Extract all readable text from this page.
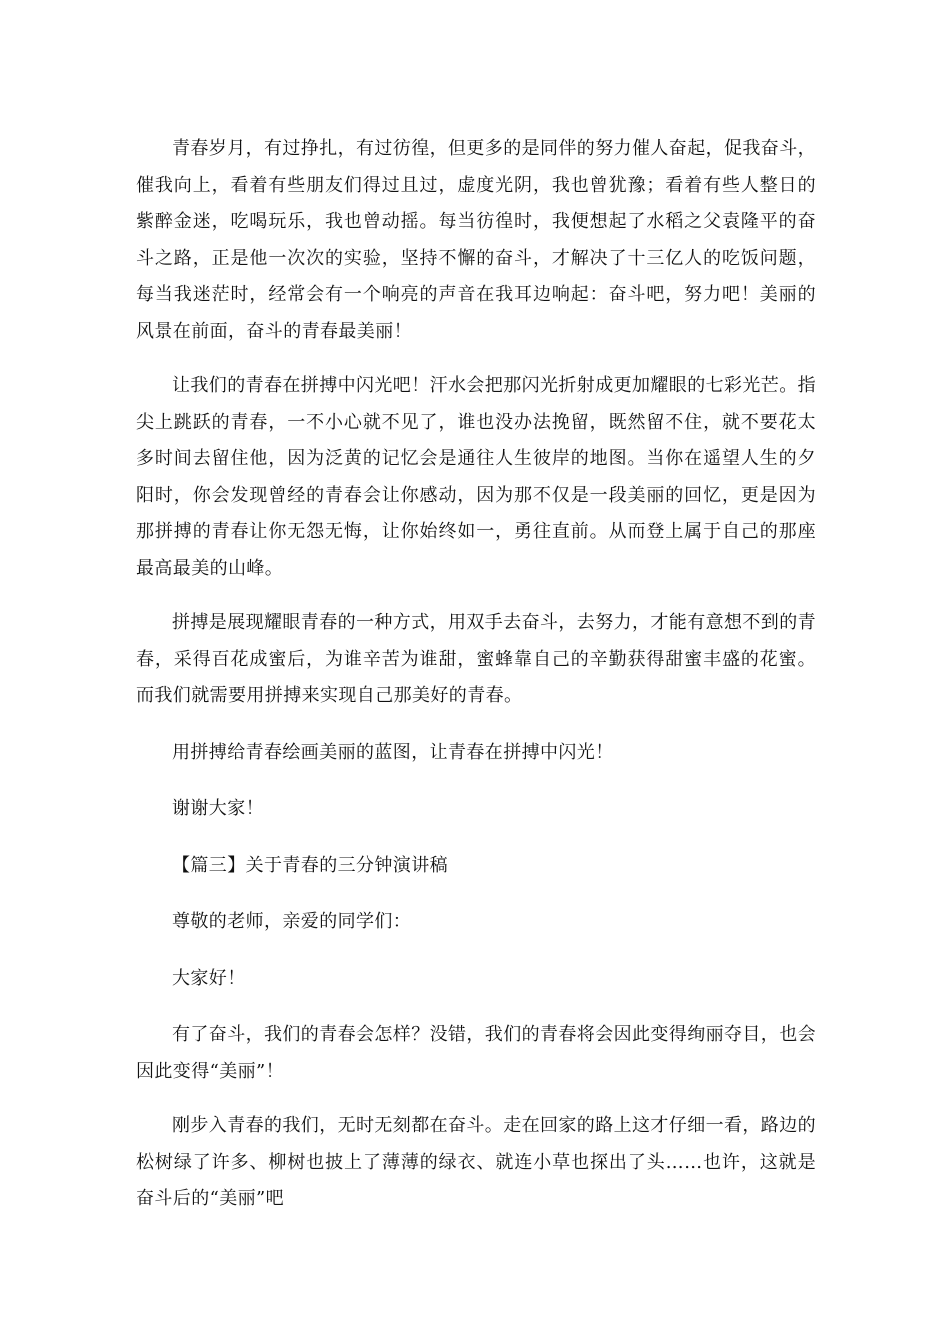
青春岁月，有过挣扎，有过彷徨，但更多的是同伴的努力催人奋起，促我奋斗，催我向上，看着有些朋友们得过且过，虚度光阴，我也曾犹豫；看着有些人整日的紫醉金迷，吃喝玩乐，我也曾动摇。每当彷徨时，我便想起了水稻之父袁隆平的奋斗之路，正是他一次次的实验，坚持不懈的奋斗，才解决了十三亿人的吃饭问题，每当我迷茫时，经常会有一个响亮的声音在我耳边响起：奋斗吧，努力吧！美丽的风景在前面，奋斗的青春最美丽！

让我们的青春在拼搏中闪光吧！汗水会把那闪光折射成更加耀眼的七彩光芒。指尖上跳跃的青春，一不小心就不见了，谁也没办法挽留，既然留不住，就不要花太多时间去留住他，因为泛黄的记忆会是通往人生彼岸的地图。当你在遥望人生的夕阳时，你会发现曾经的青春会让你感动，因为那不仅是一段美丽的回忆，更是因为那拼搏的青春让你无怨无悔，让你始终如一，勇往直前。从而登上属于自己的那座最高最美的山峰。

拼搏是展现耀眼青春的一种方式，用双手去奋斗，去努力，才能有意想不到的青春，采得百花成蜜后，为谁辛苦为谁甜，蜜蜂靠自己的辛勤获得甜蜜丰盛的花蜜。而我们就需要用拼搏来实现自己那美好的青春。

用拼搏给青春绘画美丽的蓝图，让青春在拼搏中闪光！

谢谢大家！

【篇三】关于青春的三分钟演讲稿

尊敬的老师，亲爱的同学们：

大家好！

有了奋斗，我们的青春会怎样？没错，我们的青春将会因此变得绚丽夺目，也会因此变得“美丽”！

刚步入青春的我们，无时无刻都在奋斗。走在回家的路上这才仔细一看，路边的松树绿了许多、柳树也披上了薄薄的绿衣、就连小草也探出了头……也许，这就是奋斗后的“美丽”吧
